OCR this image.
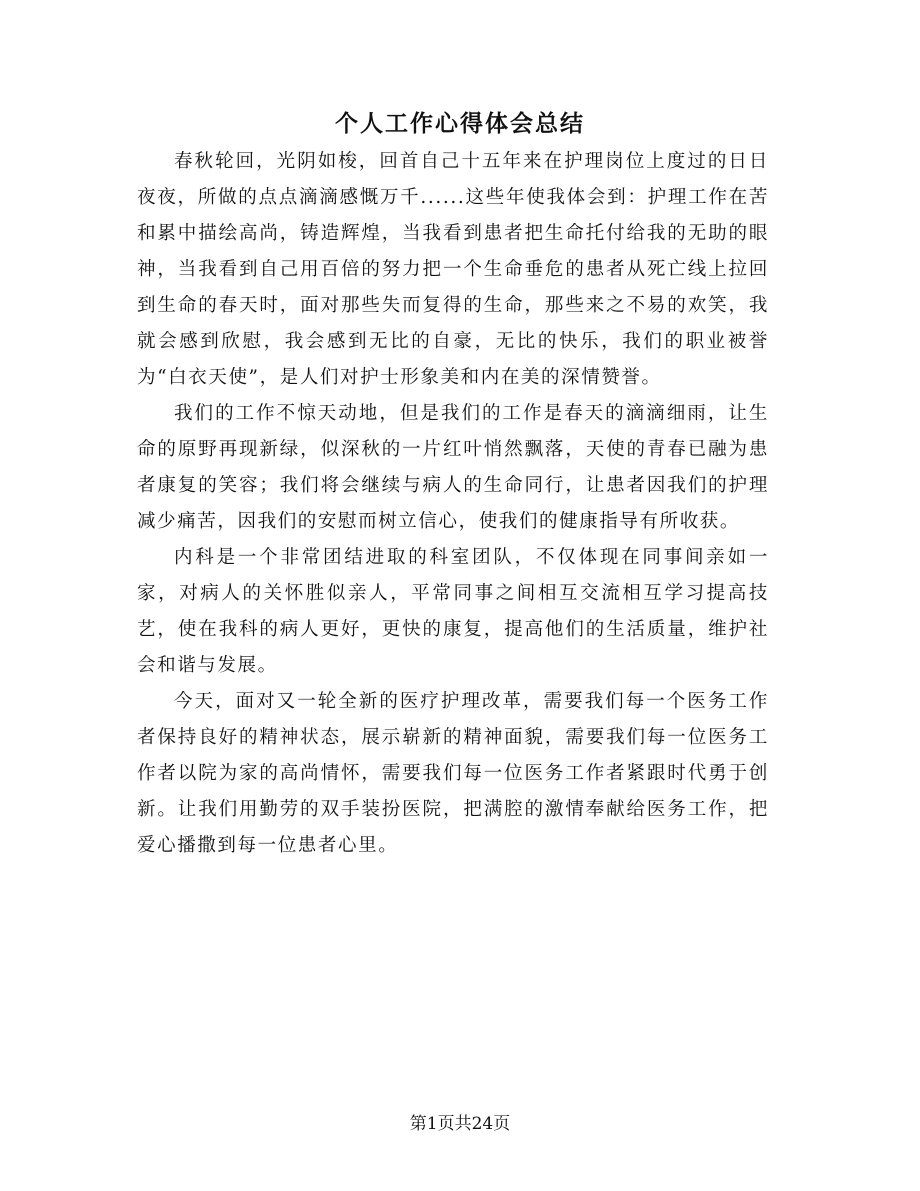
个人工作心得体会总结

春秋轮回，光阴如梭，回首自己十五年来在护理岗位上度过的日日夜夜，所做的点点滴滴感慨万千......这些年使我体会到：护理工作在苦和累中描绘高尚，铸造辉煌，当我看到患者把生命托付给我的无助的眼神，当我看到自己用百倍的努力把一个生命垂危的患者从死亡线上拉回到生命的春天时，面对那些失而复得的生命，那些来之不易的欢笑，我就会感到欣慰，我会感到无比的自豪，无比的快乐，我们的职业被誉为“白衣天使”，是人们对护士形象美和内在美的深情赞誉。

我们的工作不惊天动地，但是我们的工作是春天的滴滴细雨，让生命的原野再现新绿，似深秋的一片红叶悄然飘落，天使的青春已融为患者康复的笑容；我们将会继续与病人的生命同行，让患者因我们的护理减少痛苦，因我们的安慰而树立信心，使我们的健康指导有所收获。

内科是一个非常团结进取的科室团队，不仅体现在同事间亲如一家，对病人的关怀胜似亲人，平常同事之间相互交流相互学习提高技艺，使在我科的病人更好，更快的康复，提高他们的生活质量，维护社会和谐与发展。

今天，面对又一轮全新的医疗护理改革，需要我们每一个医务工作者保持良好的精神状态，展示崭新的精神面貌，需要我们每一位医务工作者以院为家的高尚情怀，需要我们每一位医务工作者紧跟时代勇于创新。让我们用勤劳的双手装扮医院，把满腔的激情奉献给医务工作，把爱心播撒到每一位患者心里。

第1页共24页
